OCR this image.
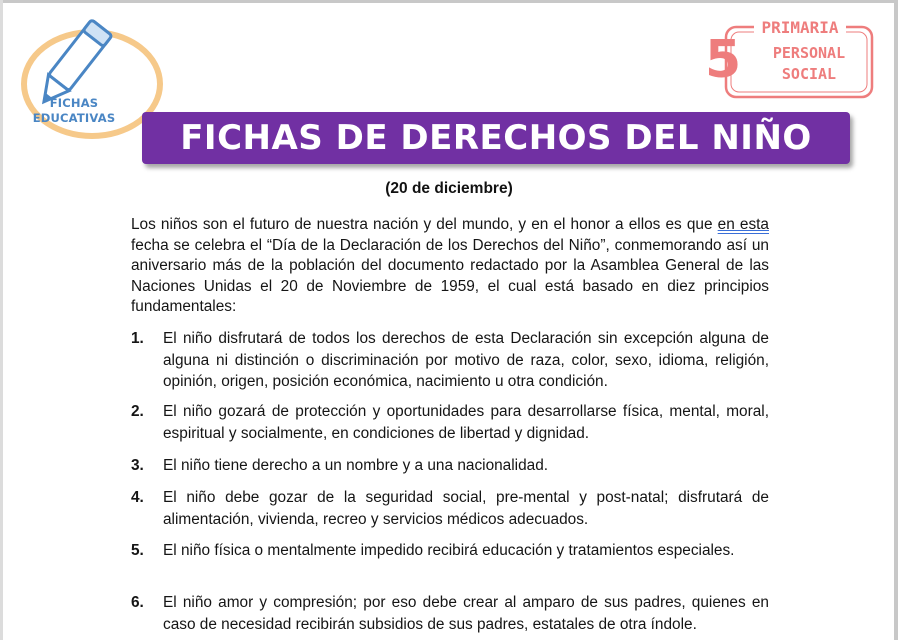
FICHAS
EDUCATIVAS
PRIMARIA
5	PERSONAL
SOCIAL
FICHAS DE DERECHOS DEL NIÑO
(20 de diciembre)
Los niños son el futuro de nuestra nación y del mundo, y en el honor a ellos es que en esta fecha se celebra el “Día de la Declaración de los Derechos del Niño”, conmemorando así un aniversario más de la población del documento redactado por la Asamblea General de las Naciones Unidas el 20 de Noviembre de 1959, el cual está basado en diez principios fundamentales:
1. El niño disfrutará de todos los derechos de esta Declaración sin excepción alguna de alguna ni distinción o discriminación por motivo de raza, color, sexo, idioma, religión, opinión, origen, posición económica, nacimiento u otra condición.
2. El niño gozará de protección y oportunidades para desarrollarse física, mental, moral, espiritual y socialmente, en condiciones de libertad y dignidad.
3. El niño tiene derecho a un nombre y a una nacionalidad.
4. El niño debe gozar de la seguridad social, pre-mental y post-natal; disfrutará de alimentación, vivienda, recreo y servicios médicos adecuados.
5. El niño física o mentalmente impedido recibirá educación y tratamientos especiales.
6. El niño amor y compresión; por eso debe crear al amparo de sus padres, quienes en caso de necesidad recibirán subsidios de sus padres, estatales de otra índole.
